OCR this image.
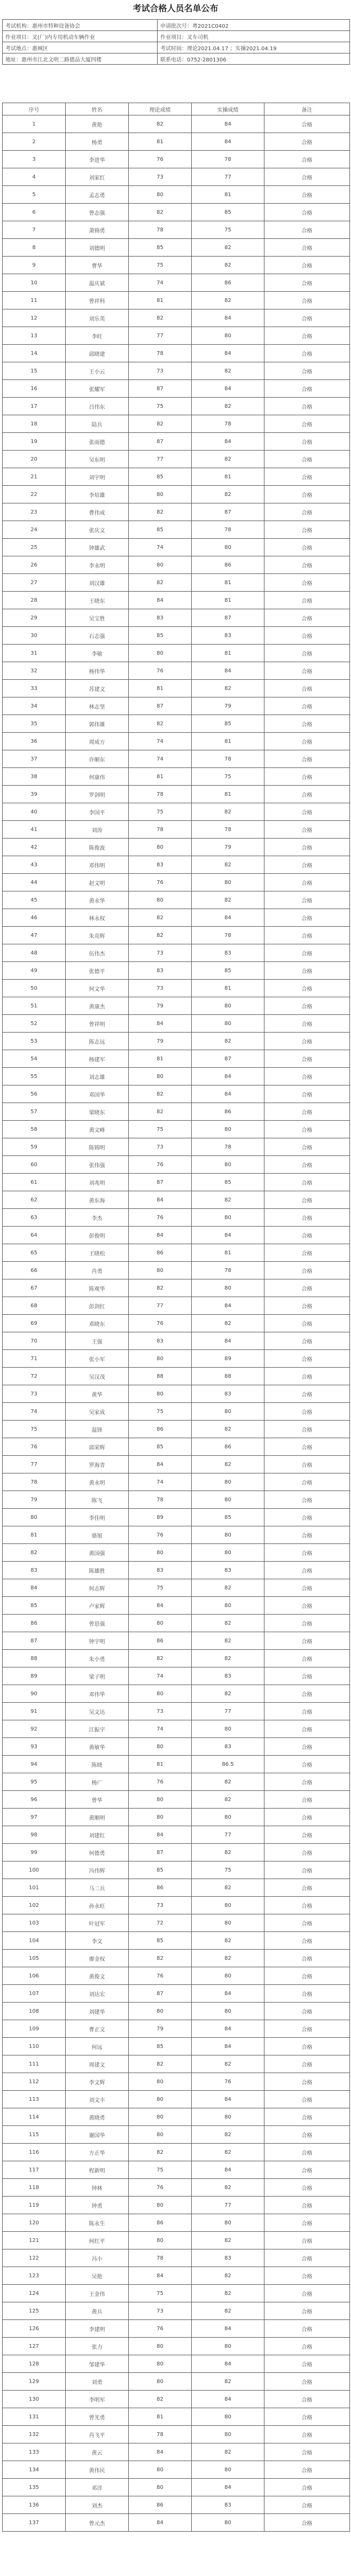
考试合格人员名单公布
考试机构：惠州市特种设备协会	申请批次号：粤2021C0402
作业项目：叉(厂)内专用机动车辆作业	作业项目：叉车司机
考试地点：惠城区	考试时间：理论2021.04.17 ；实操2021.04.19
地址：惠州市江北文明二路德品大厦四楼	联系电话：0752-2801306
序号	姓名	理论成绩	实操成绩	备注
1	黄艳	82	84	合格
2	杨勇	81	84	合格
3	李进华	76	78	合格
4	刘家红	73	77	合格
5	孟志勇	80	81	合格
6	曾志强	82	85	合格
7	萧锦勇	78	75	合格
8	刘德明	85	82	合格
9	曹华	75	82	合格
10	温庆斌	74	86	合格
11	曾祥科	81	82	合格
12	刘乐英	82	84	合格
13	李旺	77	80	合格
14	邱晓建	78	84	合格
15	王小云	73	82	合格
16	张耀军	87	84	合格
17	吕伟东	75	82	合格
18	陆兵	82	78	合格
19	张雨德	87	84	合格
20	吴东明	77	82	合格
21	刘宇明	85	81	合格
22	李培雄	80	82	合格
23	曹伟成	82	87	合格
24	张庆文	85	78	合格
25	钟雄武	74	80	合格
26	李永明	80	86	合格
27	刘汉雄	82	81	合格
28	王晓东	84	81	合格
29	吴宝胜	83	87	合格
30	石志强	85	83	合格
31	李敏	80	81	合格
32	杨伟华	76	84	合格
33	苏建文	81	82	合格
34	林志坚	87	79	合格
35	郭伟雄	82	85	合格
36	周成方	74	81	合格
37	许顺东	74	78	合格
38	何康伟	81	75	合格
39	罗剑明	78	81	合格
40	李国平	75	82	合格
41	刘涛	78	78	合格
42	陈俊波	80	79	合格
43	邓伟明	83	82	合格
44	赵文明	76	80	合格
45	黄永华	80	82	合格
46	林永权	82	84	合格
47	朱亮辉	82	78	合格
48	伍伟杰	73	83	合格
49	张德平	83	85	合格
50	何文华	73	81	合格
51	黄康杰	79	80	合格
52	曾祥明	84	80	合格
53	陈志远	79	82	合格
54	杨建军	81	87	合格
55	刘志雄	80	84	合格
56	邓国华	82	84	合格
57	梁晓东	82	86	合格
58	黄文峰	75	80	合格
59	陈锦明	73	78	合格
60	张伟强	76	80	合格
61	刘兆明	87	85	合格
62	黄东海	84	82	合格
63	李杰	76	80	合格
64	彭俊明	84	84	合格
65	王晓松	86	81	合格
66	肖勇	80	78	合格
67	陈观华	82	80	合格
68	彭剑红	77	84	合格
69	邓晓东	76	82	合格
70	王强	83	84	合格
71	张小军	80	89	合格
72	吴汉茂	88	88	合格
73	黄华	80	83	合格
74	吴家成	75	80	合格
75	温锋	86	82	合格
76	邱荣辉	85	86	合格
77	罗海青	84	82	合格
78	黄永明	74	80	合格
79	陈飞	78	80	合格
80	李佳明	89	85	合格
81	骆旭	76	80	合格
82	黄国强	80	80	合格
83	陈雄胜	83	83	合格
84	何志辉	75	82	合格
85	卢家辉	84	80	合格
86	曾思强	80	82	合格
87	钟宇明	86	82	合格
88	朱小勇	82	82	合格
89	梁子明	74	83	合格
90	邓伟华	80	82	合格
91	吴文达	73	77	合格
92	江振宇	74	80	合格
93	黄敏华	80	83	合格
94	陈晓	81	86.5	合格
95	杨广	76	82	合格
96	曾华	80	82	合格
97	黄顺明	80	80	合格
98	刘建红	84	77	合格
99	何德勇	87	82	合格
100	冯伟辉	85	75	合格
101	马二兵	86	82	合格
102	孙永旺	73	80	合格
103	叶冠军	72	80	合格
104	李文	85	82	合格
105	廖金权	82	82	合格
106	黄俊文	76	80	合格
107	刘达宏	87	84	合格
108	刘建华	80	80	合格
109	曹正文	79	84	合格
110	何远	85	84	合格
111	周建文	82	82	合格
112	李文辉	80	76	合格
113	刘文丰	80	84	合格
114	黄晓勇	80	80	合格
115	谢国华	80	82	合格
116	方正华	82	82	合格
117	程新明	75	84	合格
118	钟林	76	82	合格
119	钟勇	80	77	合格
120	陈永生	86	80	合格
121	何红平	80	82	合格
122	冯小	78	83	合格
123	吴艳	84	82	合格
124	王金伟	75	82	合格
125	黄兵	73	82	合格
126	李建明	76	84	合格
127	张力	80	80	合格
128	邹建华	80	84	合格
129	刘勇	80	82	合格
130	李明军	82	84	合格
131	曾光勇	81	80	合格
132	肖飞平	78	80	合格
133	黄云	84	82	合格
134	黄伟民	80	80	合格
135	邓洋	80	84	合格
136	刘杰	86	83	合格
137	曾元杰	84	80	合格
